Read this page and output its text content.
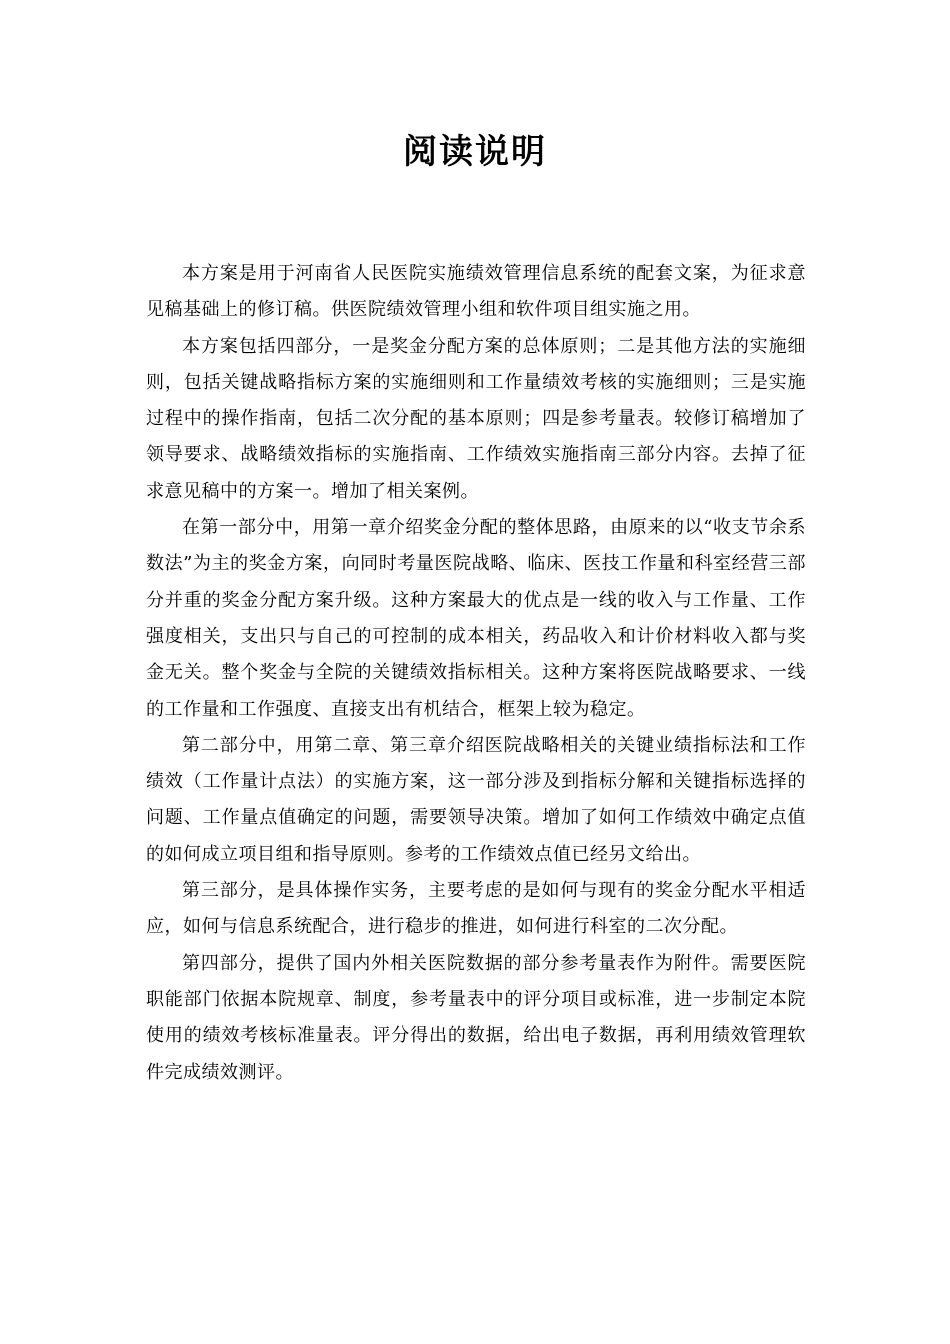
阅读说明

本方案是用于河南省人民医院实施绩效管理信息系统的配套文案，为征求意见稿基础上的修订稿。供医院绩效管理小组和软件项目组实施之用。

本方案包括四部分，一是奖金分配方案的总体原则；二是其他方法的实施细则，包括关键战略指标方案的实施细则和工作量绩效考核的实施细则；三是实施过程中的操作指南，包括二次分配的基本原则；四是参考量表。较修订稿增加了领导要求、战略绩效指标的实施指南、工作绩效实施指南三部分内容。去掉了征求意见稿中的方案一。增加了相关案例。

在第一部分中，用第一章介绍奖金分配的整体思路，由原来的以“收支节余系数法”为主的奖金方案，向同时考量医院战略、临床、医技工作量和科室经营三部分并重的奖金分配方案升级。这种方案最大的优点是一线的收入与工作量、工作强度相关，支出只与自己的可控制的成本相关，药品收入和计价材料收入都与奖金无关。整个奖金与全院的关键绩效指标相关。这种方案将医院战略要求、一线的工作量和工作强度、直接支出有机结合，框架上较为稳定。

第二部分中，用第二章、第三章介绍医院战略相关的关键业绩指标法和工作绩效（工作量计点法）的实施方案，这一部分涉及到指标分解和关键指标选择的问题、工作量点值确定的问题，需要领导决策。增加了如何工作绩效中确定点值的如何成立项目组和指导原则。参考的工作绩效点值已经另文给出。

第三部分，是具体操作实务，主要考虑的是如何与现有的奖金分配水平相适应，如何与信息系统配合，进行稳步的推进，如何进行科室的二次分配。

第四部分，提供了国内外相关医院数据的部分参考量表作为附件。需要医院职能部门依据本院规章、制度，参考量表中的评分项目或标准，进一步制定本院使用的绩效考核标准量表。评分得出的数据，给出电子数据，再利用绩效管理软件完成绩效测评。
